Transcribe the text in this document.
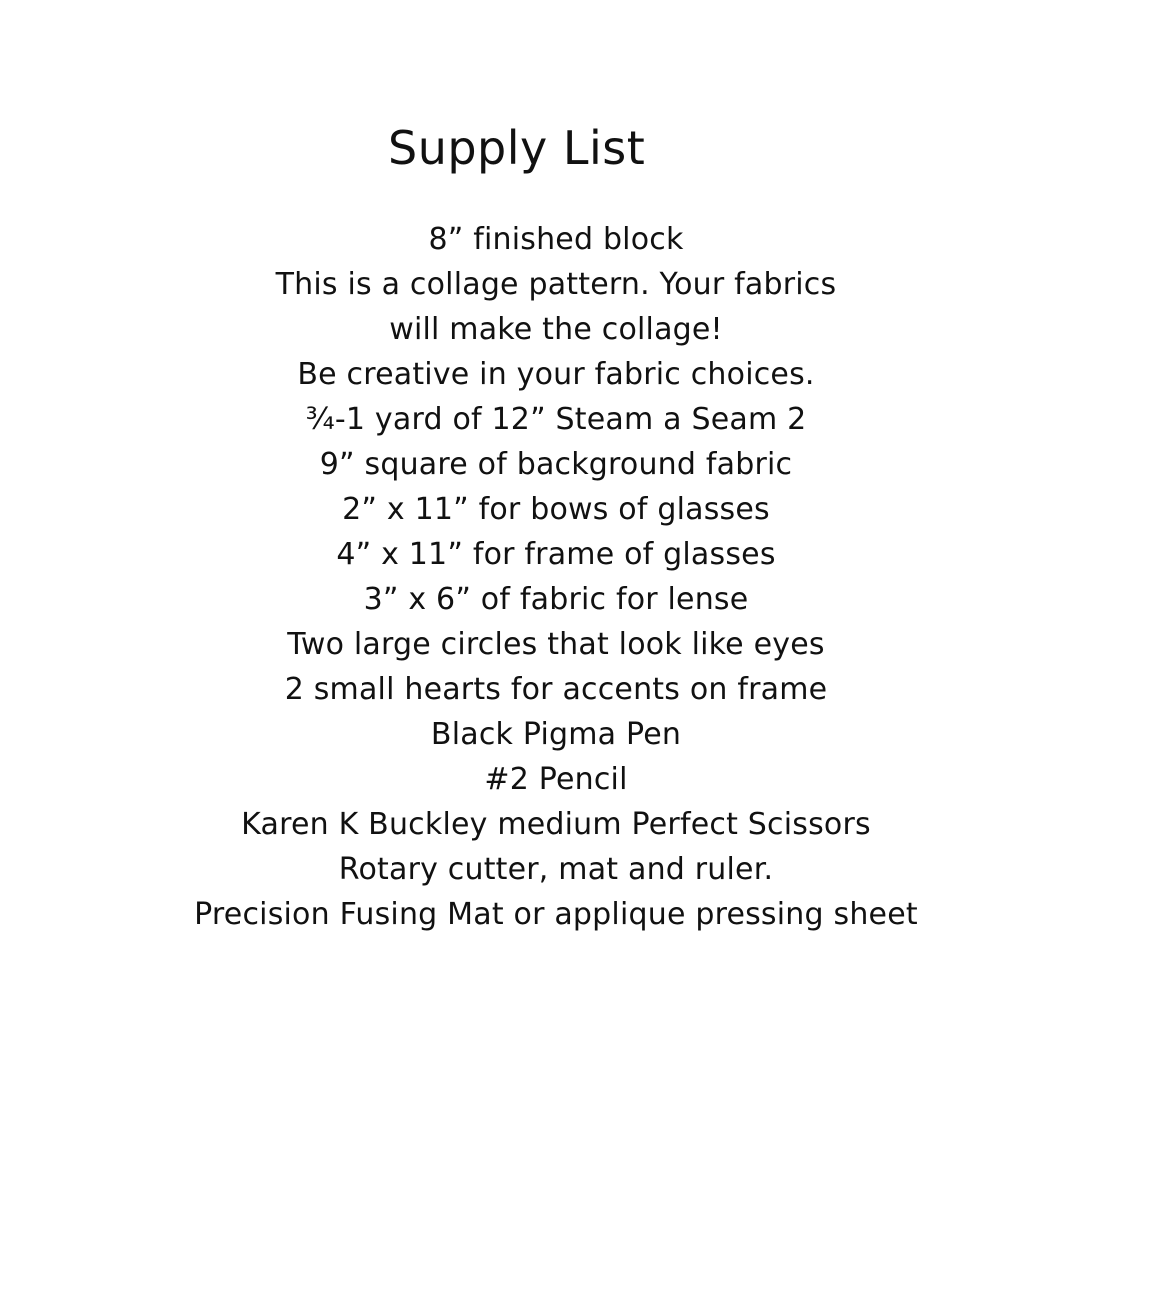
Supply List
8” finished block
This is a collage pattern. Your fabrics
will make the collage!
Be creative in your fabric choices.
¾-1 yard of 12” Steam a Seam 2
9” square of background fabric
2” x 11” for bows of glasses
4” x 11” for frame of glasses
3” x 6” of fabric for lense
Two large circles that look like eyes
2 small hearts for accents on frame
Black Pigma Pen
#2 Pencil
Karen K Buckley medium Perfect Scissors
Rotary cutter, mat and ruler.
Precision Fusing Mat or applique pressing sheet
